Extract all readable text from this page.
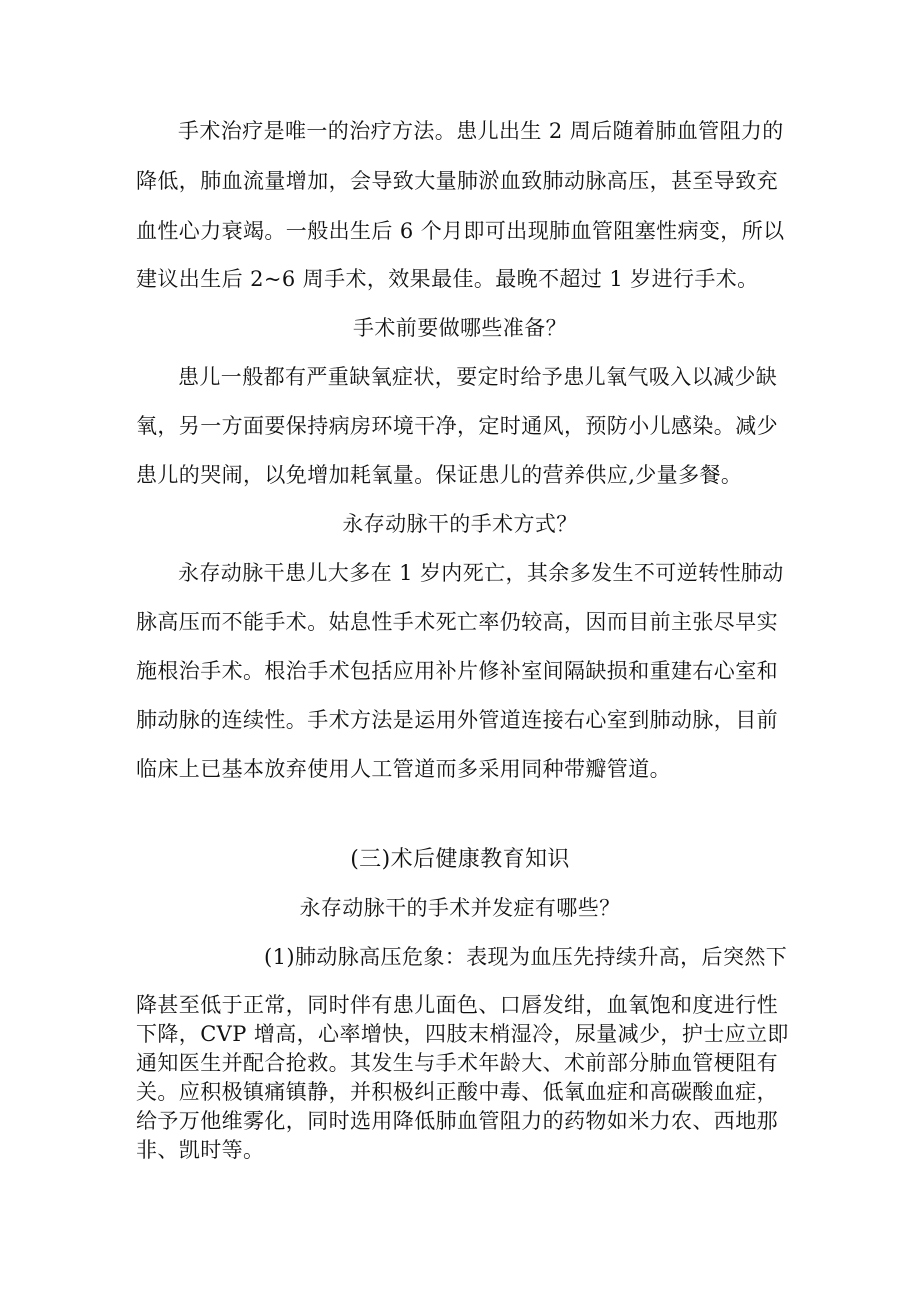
手术治疗是唯一的治疗方法。患儿出生 2 周后随着肺血管阻力的
降低，肺血流量增加，会导致大量肺淤血致肺动脉高压，甚至导致充
血性心力衰竭。一般出生后 6 个月即可出现肺血管阻塞性病变，所以
建议出生后 2~6 周手术，效果最佳。最晚不超过 1 岁进行手术。
手术前要做哪些准备？
患儿一般都有严重缺氧症状，要定时给予患儿氧气吸入以减少缺
氧，另一方面要保持病房环境干净，定时通风，预防小儿感染。减少
患儿的哭闹，以免增加耗氧量。保证患儿的营养供应,少量多餐。
永存动脉干的手术方式？
永存动脉干患儿大多在 1 岁内死亡，其余多发生不可逆转性肺动
脉高压而不能手术。姑息性手术死亡率仍较高，因而目前主张尽早实
施根治手术。根治手术包括应用补片修补室间隔缺损和重建右心室和
肺动脉的连续性。手术方法是运用外管道连接右心室到肺动脉，目前
临床上已基本放弃使用人工管道而多采用同种带瓣管道。
(三)术后健康教育知识
永存动脉干的手术并发症有哪些？
(1)肺动脉高压危象：表现为血压先持续升高，后突然下
降甚至低于正常，同时伴有患儿面色、口唇发绀，血氧饱和度进行性
下降，CVP 增高，心率增快，四肢末梢湿冷，尿量减少，护士应立即
通知医生并配合抢救。其发生与手术年龄大、术前部分肺血管梗阻有
关。应积极镇痛镇静，并积极纠正酸中毒、低氧血症和高碳酸血症，
给予万他维雾化，同时选用降低肺血管阻力的药物如米力农、西地那
非、凯时等。
